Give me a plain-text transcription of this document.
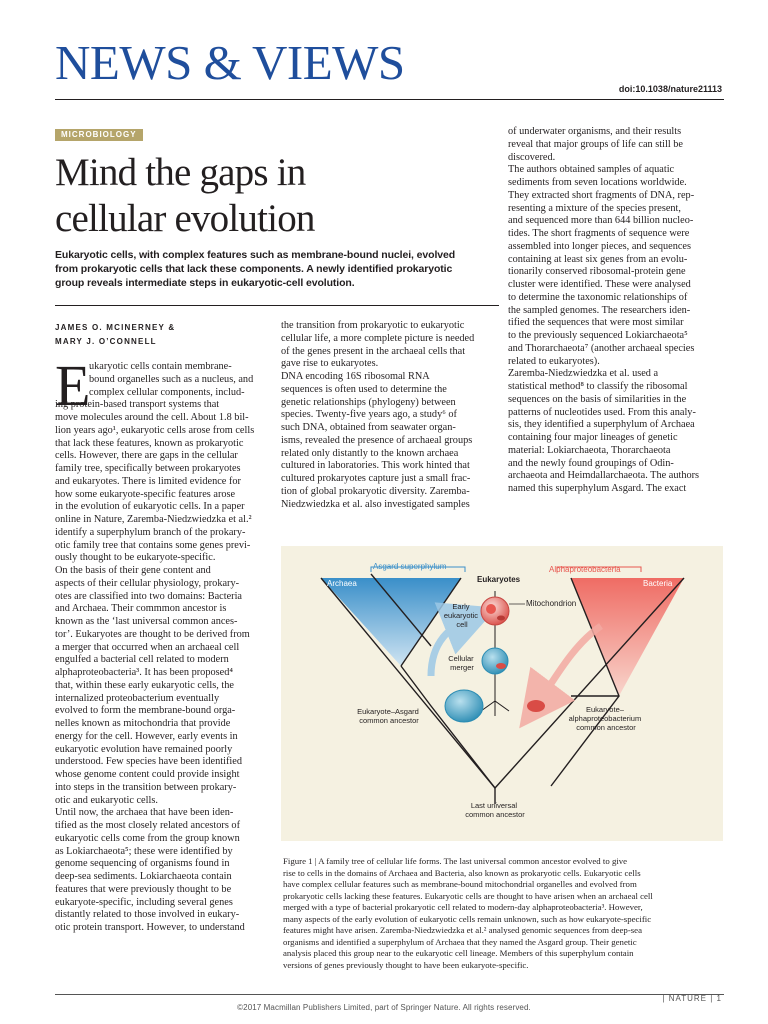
NEWS & VIEWS	doi:10.1038/nature21113
MICROBIOLOGY
Mind the gaps in
cellular evolution
Eukaryotic cells, with complex features such as membrane-bound nuclei, evolved
from prokaryotic cells that lack these components. A newly identified prokaryotic
group reveals intermediate steps in eukaryotic-cell evolution.
JAMES O. MCINERNEY &
MARY J. O’CONNELL
E
ukaryotic cells contain membrane-
bound organelles such as a nucleus, and
complex cellular components, includ-
ing protein-based transport systems that
move molecules around the cell. About 1.8 bil-
lion years ago¹, eukaryotic cells arose from cells
that lack these features, known as prokaryotic
cells. However, there are gaps in the cellular
family tree, specifically between prokaryotes
and eukaryotes. There is limited evidence for
how some eukaryote-specific features arose
in the evolution of eukaryotic cells. In a paper
online in Nature, Zaremba-Niedzwiedzka et al.²
identify a superphylum branch of the prokary-
otic family tree that contains some genes previ-
ously thought to be eukaryote-specific.
On the basis of their gene content and
aspects of their cellular physiology, prokary-
otes are classified into two domains: Bacteria
and Archaea. Their commmon ancestor is
known as the ‘last universal common ances-
tor’. Eukaryotes are thought to be derived from
a merger that occurred when an archaeal cell
engulfed a bacterial cell related to modern
alphaproteobacteria³. It has been proposed⁴
that, within these early eukaryotic cells, the
internalized proteobacterium eventually
evolved to form the membrane-bound orga-
nelles known as mitochondria that provide
energy for the cell. However, early events in
eukaryotic evolution have remained poorly
understood. Few species have been identified
whose genome content could provide insight
into steps in the transition between prokary-
otic and eukaryotic cells.
Until now, the archaea that have been iden-
tified as the most closely related ancestors of
eukaryotic cells come from the group known
as Lokiarchaeota⁵; these were identified by
genome sequencing of organisms found in
deep-sea sediments. Lokiarchaeota contain
features that were previously thought to be
eukaryote-specific, including several genes
distantly related to those involved in eukary-
otic protein transport. However, to understand
the transition from prokaryotic to eukaryotic
cellular life, a more complete picture is needed
of the genes present in the archaeal cells that
gave rise to eukaryotes.
DNA encoding 16S ribosomal RNA
sequences is often used to determine the
genetic relationships (phylogeny) between
species. Twenty-five years ago, a study⁶ of
such DNA, obtained from seawater organ-
isms, revealed the presence of archaeal groups
related only distantly to the known archaea
cultured in laboratories. This work hinted that
cultured prokaryotes capture just a small frac-
tion of global prokaryotic diversity. Zaremba-
Niedzwiedzka et al. also investigated samples
of underwater organisms, and their results
reveal that major groups of life can still be
discovered.
The authors obtained samples of aquatic
sediments from seven locations worldwide.
They extracted short fragments of DNA, rep-
resenting a mixture of the species present,
and sequenced more than 644 billion nucleo-
tides. The short fragments of sequence were
assembled into longer pieces, and sequences
containing at least six genes from an evolu-
tionarily conserved ribosomal-protein gene
cluster were identified. These were analysed
to determine the taxonomic relationships of
the sampled genomes. The researchers iden-
tified the sequences that were most similar
to the previously sequenced Lokiarchaeota⁵
and Thorarchaeota⁷ (another archaeal species
related to eukaryotes).
Zaremba-Niedzwiedzka et al. used a
statistical method⁸ to classify the ribosomal
sequences on the basis of similarities in the
patterns of nucleotides used. From this analy-
sis, they identified a superphylum of Archaea
containing four major lineages of genetic
material: Lokiarchaeota, Thorarchaeota
and the newly found groupings of Odin-
archaeota and Heimdallarchaeota. The authors
named this superphylum Asgard. The exact
Asgard superphylum	Alphaproteobacteria
Archaea	Bacteria
Eukaryotes
Mitochondrion
Early eukaryotic cell
Cellular merger
Eukaryote–Asgard common ancestor
Eukaryote– alphaproteobacterium common ancestor
Last universal common ancestor
Figure 1 | A family tree of cellular life forms. The last universal common ancestor evolved to give
rise to cells in the domains of Archaea and Bacteria, also known as prokaryotic cells. Eukaryotic cells
have complex cellular features such as membrane-bound mitochondrial organelles and evolved from
prokaryotic cells lacking these features. Eukaryotic cells are thought to have arisen when an archaeal cell
merged with a type of bacterial prokaryotic cell related to modern-day alphaproteobacteria³. However,
many aspects of the early evolution of eukaryotic cells remain unknown, such as how eukaryote-specific
features might have arisen. Zaremba-Niedzwiedzka et al.² analysed genomic sequences from deep-sea
organisms and identified a superphylum of Archaea that they named the Asgard group. Their genetic
analysis placed this group near to the eukaryotic cell lineage. Members of this superphylum contain
versions of genes previously thought to have been eukaryote-specific.
©2017 Macmillan Publishers Limited, part of Springer Nature. All rights reserved.
| NATURE | 1
